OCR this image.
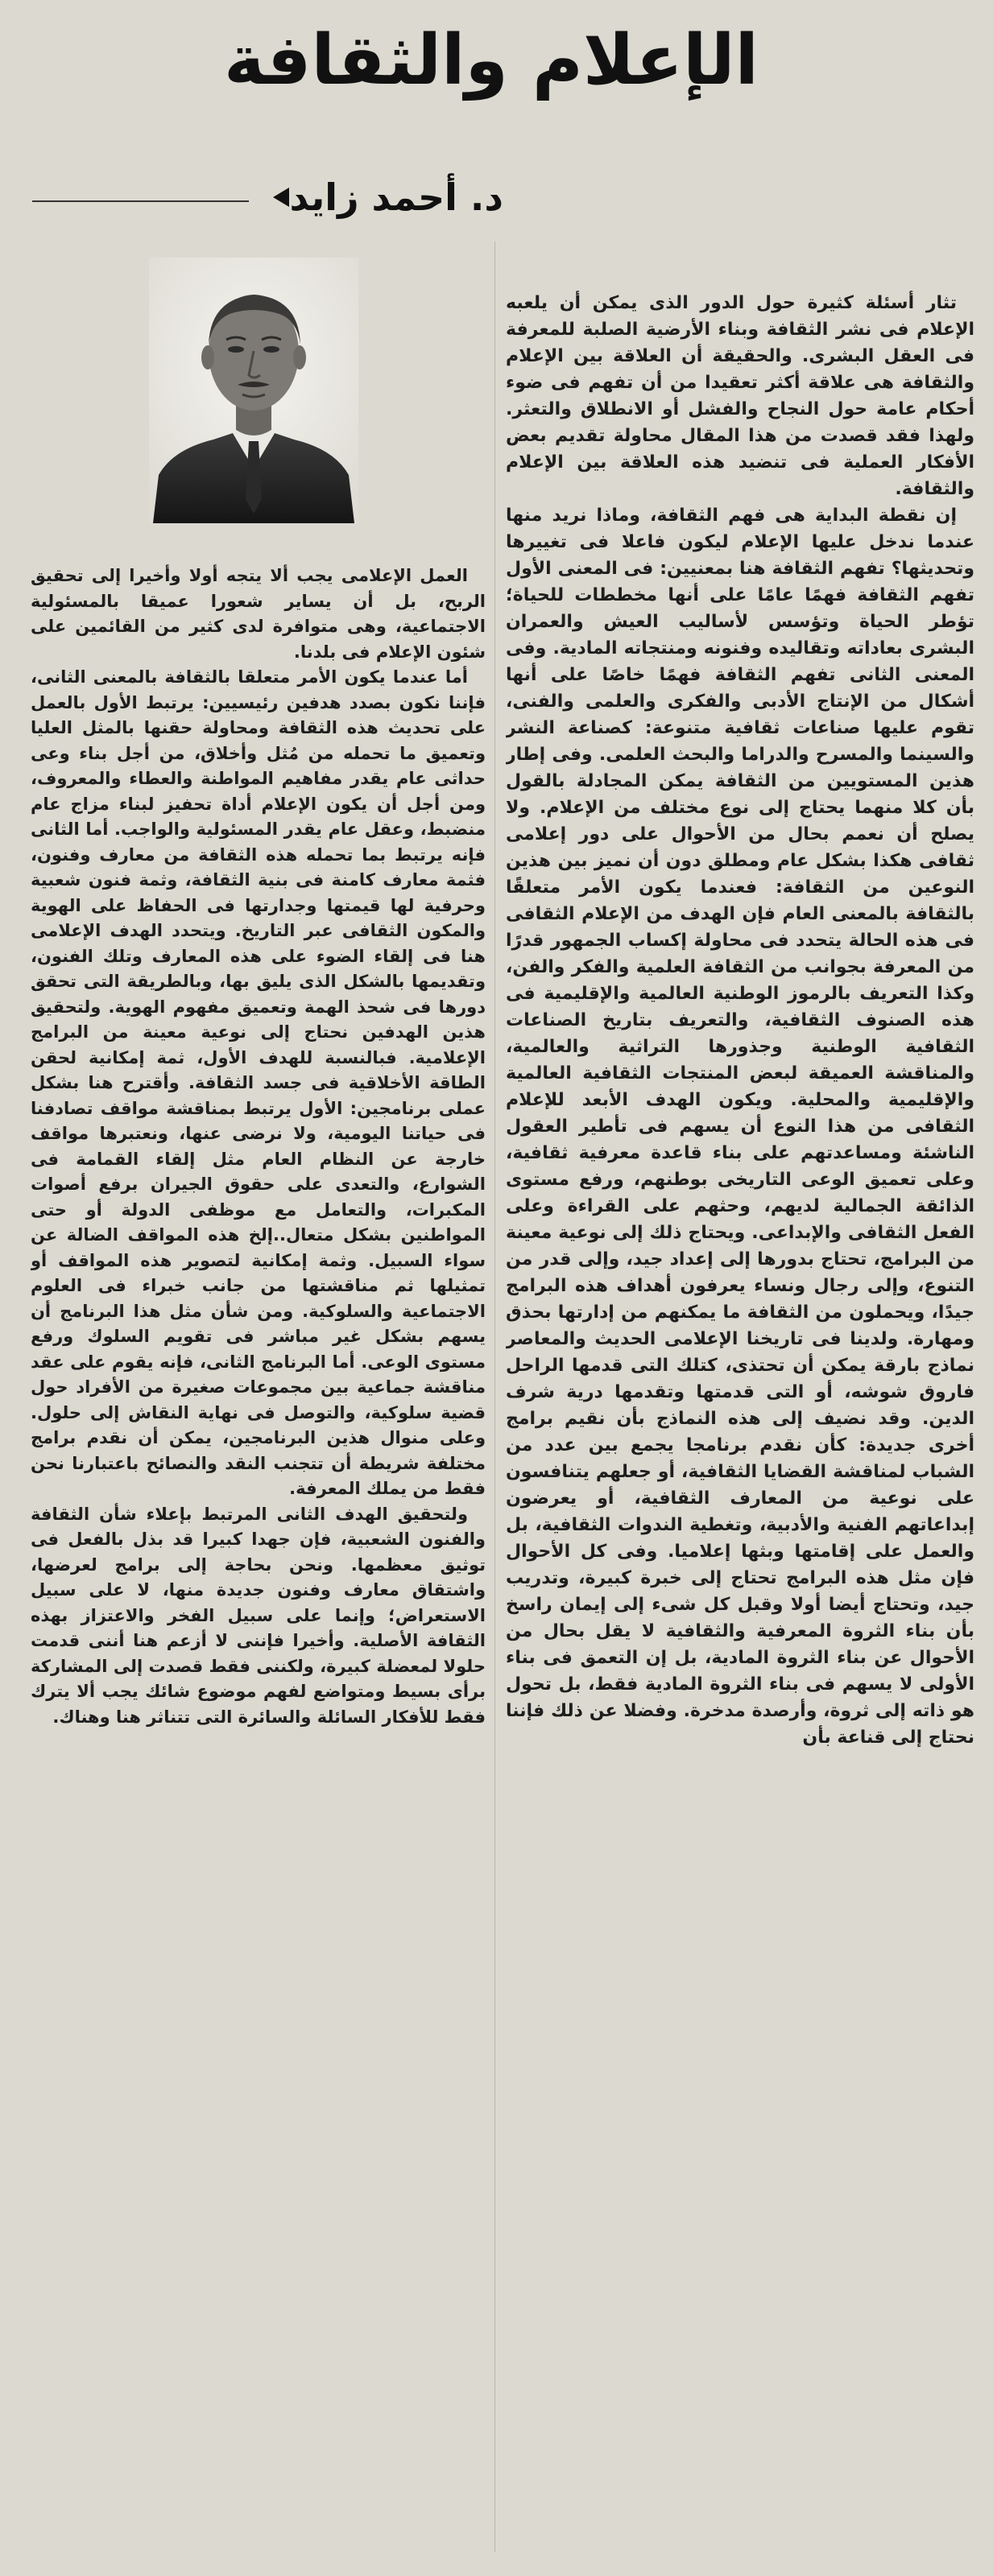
الإعلام والثقافة
د. أحمد زايد

تثار أسئلة كثيرة حول الدور الذى يمكن أن يلعبه الإعلام فى نشر الثقافة وبناء الأرضية الصلبة للمعرفة فى العقل البشرى. والحقيقة أن العلاقة بين الإعلام والثقافة هى علاقة أكثر تعقيدا من أن تفهم فى ضوء أحكام عامة حول النجاح والفشل أو الانطلاق والتعثر. ولهذا فقد قصدت من هذا المقال محاولة تقديم بعض الأفكار العملية فى تنضيد هذه العلاقة بين الإعلام والثقافة.

إن نقطة البداية هى فهم الثقافة، وماذا نريد منها عندما ندخل عليها الإعلام ليكون فاعلا فى تغييرها وتحديثها؟ تفهم الثقافة هنا بمعنيين: فى المعنى الأول تفهم الثقافة فهمًا عامًا على أنها مخططات للحياة؛ تؤطر الحياة وتؤسس لأساليب العيش والعمران البشرى بعاداته وتقاليده وفنونه ومنتجاته المادية. وفى المعنى الثانى تفهم الثقافة فهمًا خاصًا على أنها أشكال من الإنتاج الأدبى والفكرى والعلمى والفنى، تقوم عليها صناعات ثقافية متنوعة: كصناعة النشر والسينما والمسرح والدراما والبحث العلمى. وفى إطار هذين المستويين من الثقافة يمكن المجادلة بالقول بأن كلا منهما يحتاج إلى نوع مختلف من الإعلام. ولا يصلح أن نعمم بحال من الأحوال على دور إعلامى ثقافى هكذا بشكل عام ومطلق دون أن نميز بين هذين النوعين من الثقافة: فعندما يكون الأمر متعلقًا بالثقافة بالمعنى العام فإن الهدف من الإعلام الثقافى فى هذه الحالة يتحدد فى محاولة إكساب الجمهور قدرًا من المعرفة بجوانب من الثقافة العلمية والفكر والفن، وكذا التعريف بالرموز الوطنية العالمية والإقليمية فى هذه الصنوف الثقافية، والتعريف بتاريخ الصناعات الثقافية الوطنية وجذورها التراثية والعالمية، والمناقشة العميقة لبعض المنتجات الثقافية العالمية والإقليمية والمحلية. ويكون الهدف الأبعد للإعلام الثقافى من هذا النوع أن يسهم فى تأطير العقول الناشئة ومساعدتهم على بناء قاعدة معرفية ثقافية، وعلى تعميق الوعى التاريخى بوطنهم، ورفع مستوى الذائقة الجمالية لديهم، وحثهم على القراءة وعلى الفعل الثقافى والإبداعى. ويحتاج ذلك إلى نوعية معينة من البرامج، تحتاج بدورها إلى إعداد جيد، وإلى قدر من التنوع، وإلى رجال ونساء يعرفون أهداف هذه البرامج جيدًا، ويحملون من الثقافة ما يمكنهم من إدارتها بحذق ومهارة. ولدينا فى تاريخنا الإعلامى الحديث والمعاصر نماذج بارقة يمكن أن تحتذى، كتلك التى قدمها الراحل فاروق شوشه، أو التى قدمتها وتقدمها درية شرف الدين. وقد نضيف إلى هذه النماذج بأن نقيم برامج أخرى جديدة: كأن نقدم برنامجا يجمع بين عدد من الشباب لمناقشة القضايا الثقافية، أو جعلهم يتنافسون على نوعية من المعارف الثقافية، أو يعرضون إبداعاتهم الفنية والأدبية، وتغطية الندوات الثقافية، بل والعمل على إقامتها وبثها إعلاميا. وفى كل الأحوال فإن مثل هذه البرامج تحتاج إلى خبرة كبيرة، وتدريب جيد، وتحتاج أيضا أولا وقبل كل شىء إلى إيمان راسخ بأن بناء الثروة المعرفية والثقافية لا يقل بحال من الأحوال عن بناء الثروة المادية، بل إن التعمق فى بناء الأولى لا يسهم فى بناء الثروة المادية فقط، بل تحول هو ذاته إلى ثروة، وأرصدة مدخرة. وفضلا عن ذلك فإننا نحتاج إلى قناعة بأن

العمل الإعلامى يجب ألا يتجه أولا وأخيرا إلى تحقيق الربح، بل أن يساير شعورا عميقا بالمسئولية الاجتماعية، وهى متوافرة لدى كثير من القائمين على شئون الإعلام فى بلدنا.

أما عندما يكون الأمر متعلقا بالثقافة بالمعنى الثانى، فإننا نكون بصدد هدفين رئيسيين: يرتبط الأول بالعمل على تحديث هذه الثقافة ومحاولة حقنها بالمثل العليا وتعميق ما تحمله من مُثل وأخلاق، من أجل بناء وعى حداثى عام يقدر مفاهيم المواطنة والعطاء والمعروف، ومن أجل أن يكون الإعلام أداة تحفيز لبناء مزاج عام منضبط، وعقل عام يقدر المسئولية والواجب. أما الثانى فإنه يرتبط بما تحمله هذه الثقافة من معارف وفنون، فثمة معارف كامنة فى بنية الثقافة، وثمة فنون شعبية وحرفية لها قيمتها وجدارتها فى الحفاظ على الهوية والمكون الثقافى عبر التاريخ. ويتحدد الهدف الإعلامى هنا فى إلقاء الضوء على هذه المعارف وتلك الفنون، وتقديمها بالشكل الذى يليق بها، وبالطريقة التى تحقق دورها فى شحذ الهمة وتعميق مفهوم الهوية. ولتحقيق هذين الهدفين نحتاج إلى نوعية معينة من البرامج الإعلامية. فبالنسبة للهدف الأول، ثمة إمكانية لحقن الطاقة الأخلاقية فى جسد الثقافة. وأقترح هنا بشكل عملى برنامجين: الأول يرتبط بمناقشة مواقف تصادفنا فى حياتنا اليومية، ولا نرضى عنها، ونعتبرها مواقف خارجة عن النظام العام مثل إلقاء القمامة فى الشوارع، والتعدى على حقوق الجيران برفع أصوات المكبرات، والتعامل مع موظفى الدولة أو حتى المواطنين بشكل متعال..إلخ هذه المواقف الضالة عن سواء السبيل. وثمة إمكانية لتصوير هذه المواقف أو تمثيلها ثم مناقشتها من جانب خبراء فى العلوم الاجتماعية والسلوكية. ومن شأن مثل هذا البرنامج أن يسهم بشكل غير مباشر فى تقويم السلوك ورفع مستوى الوعى. أما البرنامج الثانى، فإنه يقوم على عقد مناقشة جماعية بين مجموعات صغيرة من الأفراد حول قضية سلوكية، والتوصل فى نهاية النقاش إلى حلول. وعلى منوال هذين البرنامجين، يمكن أن نقدم برامج مختلفة شريطة أن تتجنب النقد والنصائح باعتبارنا نحن فقط من يملك المعرفة.

ولتحقيق الهدف الثانى المرتبط بإعلاء شأن الثقافة والفنون الشعبية، فإن جهدا كبيرا قد بذل بالفعل فى توثيق معظمها. ونحن بحاجة إلى برامج لعرضها، واشتقاق معارف وفنون جديدة منها، لا على سبيل الاستعراض؛ وإنما على سبيل الفخر والاعتزاز بهذه الثقافة الأصلية. وأخيرا فإننى لا أزعم هنا أننى قدمت حلولا لمعضلة كبيرة، ولكننى فقط قصدت إلى المشاركة برأى بسيط ومتواضع لفهم موضوع شائك يجب ألا يترك فقط للأفكار السائلة والسائرة التى تتناثر هنا وهناك.
